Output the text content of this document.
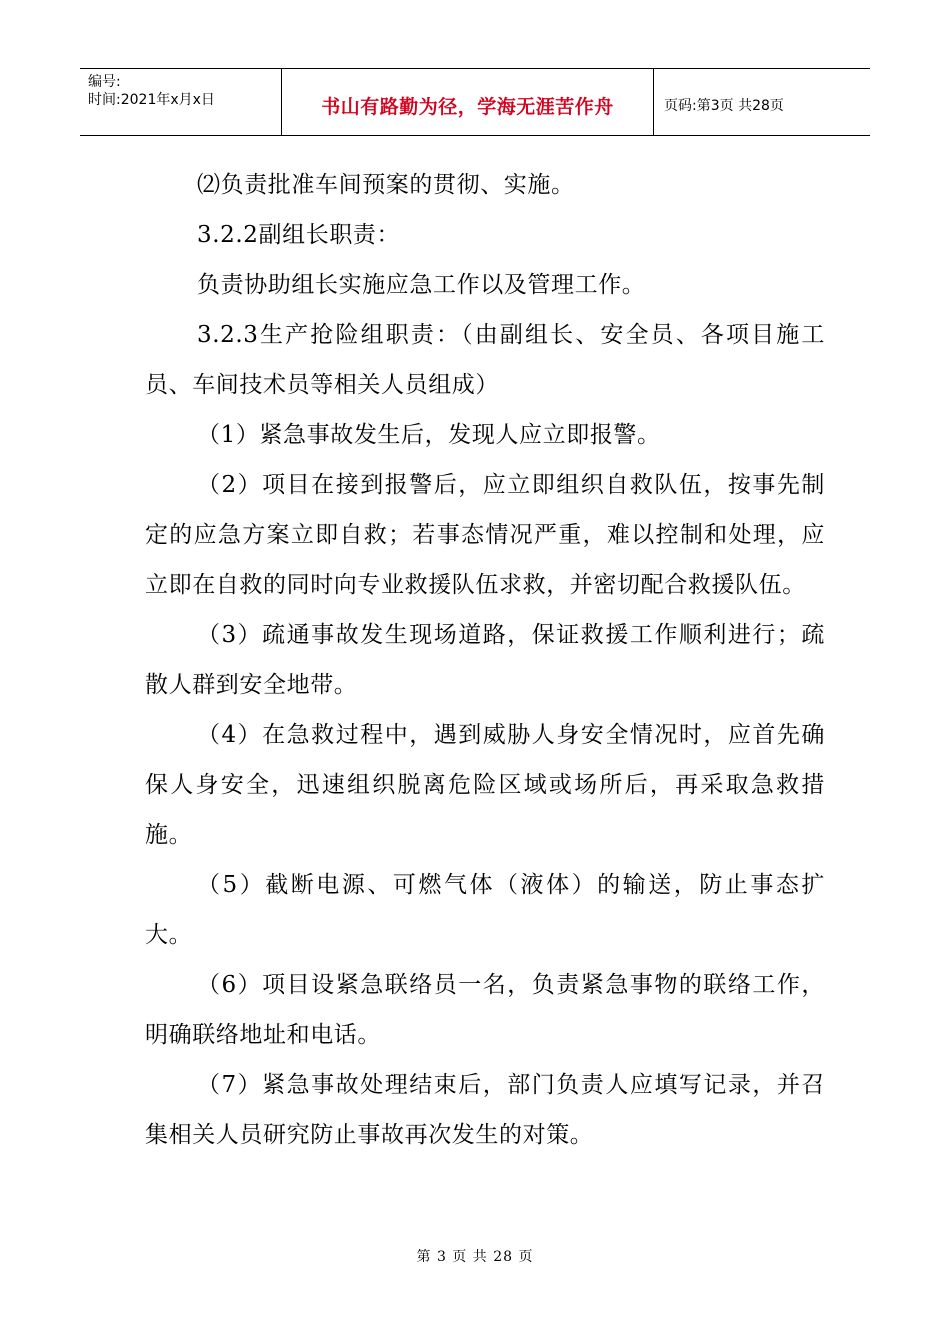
编号:
时间:2021年x月x日	书山有路勤为径，学海无涯苦作舟	页码:第3页 共28页

⑵负责批准车间预案的贯彻、实施。

3.2.2副组长职责：

负责协助组长实施应急工作以及管理工作。

3.2.3生产抢险组职责：（由副组长、安全员、各项目施工员、车间技术员等相关人员组成）

（1）紧急事故发生后，发现人应立即报警。

（2）项目在接到报警后，应立即组织自救队伍，按事先制定的应急方案立即自救；若事态情况严重，难以控制和处理，应立即在自救的同时向专业救援队伍求救，并密切配合救援队伍。

（3）疏通事故发生现场道路，保证救援工作顺利进行；疏散人群到安全地带。

（4）在急救过程中，遇到威胁人身安全情况时，应首先确保人身安全，迅速组织脱离危险区域或场所后，再采取急救措施。

（5）截断电源、可燃气体（液体）的输送，防止事态扩大。

（6）项目设紧急联络员一名，负责紧急事物的联络工作，明确联络地址和电话。

（7）紧急事故处理结束后，部门负责人应填写记录，并召集相关人员研究防止事故再次发生的对策。

第 3 页 共 28 页
